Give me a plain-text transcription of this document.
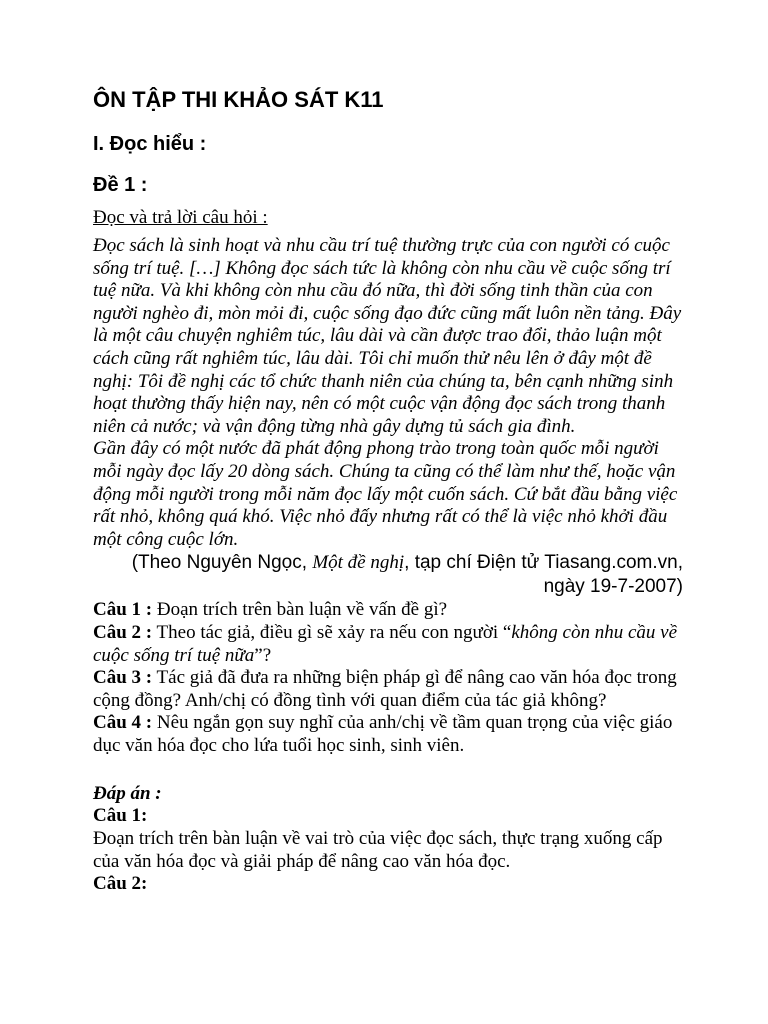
ÔN TẬP THI KHẢO SÁT K11
I. Đọc hiểu :
Đề 1 :

Đọc và trả lời câu hỏi :

Đọc sách là sinh hoạt và nhu cầu trí tuệ thường trực của con người có cuộc sống trí tuệ. […] Không đọc sách tức là không còn nhu cầu về cuộc sống trí tuệ nữa. Và khi không còn nhu cầu đó nữa, thì đời sống tinh thần của con người nghèo đi, mòn mỏi đi, cuộc sống đạo đức cũng mất luôn nền tảng. Đây là một câu chuyện nghiêm túc, lâu dài và cần được trao đổi, thảo luận một cách cũng rất nghiêm túc, lâu dài. Tôi chỉ muốn thử nêu lên ở đây một đề nghị: Tôi đề nghị các tổ chức thanh niên của chúng ta, bên cạnh những sinh hoạt thường thấy hiện nay, nên có một cuộc vận động đọc sách trong thanh niên cả nước; và vận động từng nhà gây dựng tủ sách gia đình.

Gần đây có một nước đã phát động phong trào trong toàn quốc mỗi người mỗi ngày đọc lấy 20 dòng sách. Chúng ta cũng có thể làm như thế, hoặc vận động mỗi người trong mỗi năm đọc lấy một cuốn sách. Cứ bắt đầu bằng việc rất nhỏ, không quá khó. Việc nhỏ đấy nhưng rất có thể là việc nhỏ khởi đầu một công cuộc lớn.

(Theo Nguyên Ngọc, Một đề nghị, tạp chí Điện tử Tiasang.com.vn, ngày 19-7-2007)

Câu 1 : Đoạn trích trên bàn luận về vấn đề gì?

Câu 2 : Theo tác giả, điều gì sẽ xảy ra nếu con người “không còn nhu cầu về cuộc sống trí tuệ nữa”?

Câu 3 : Tác giả đã đưa ra những biện pháp gì để nâng cao văn hóa đọc trong cộng đồng? Anh/chị có đồng tình với quan điểm của tác giả không?

Câu 4 : Nêu ngắn gọn suy nghĩ của anh/chị về tầm quan trọng của việc giáo dục văn hóa đọc cho lứa tuổi học sinh, sinh viên.

Đáp án :

Câu 1:

Đoạn trích trên bàn luận về vai trò của việc đọc sách, thực trạng xuống cấp của văn hóa đọc và giải pháp để nâng cao văn hóa đọc.

Câu 2:
